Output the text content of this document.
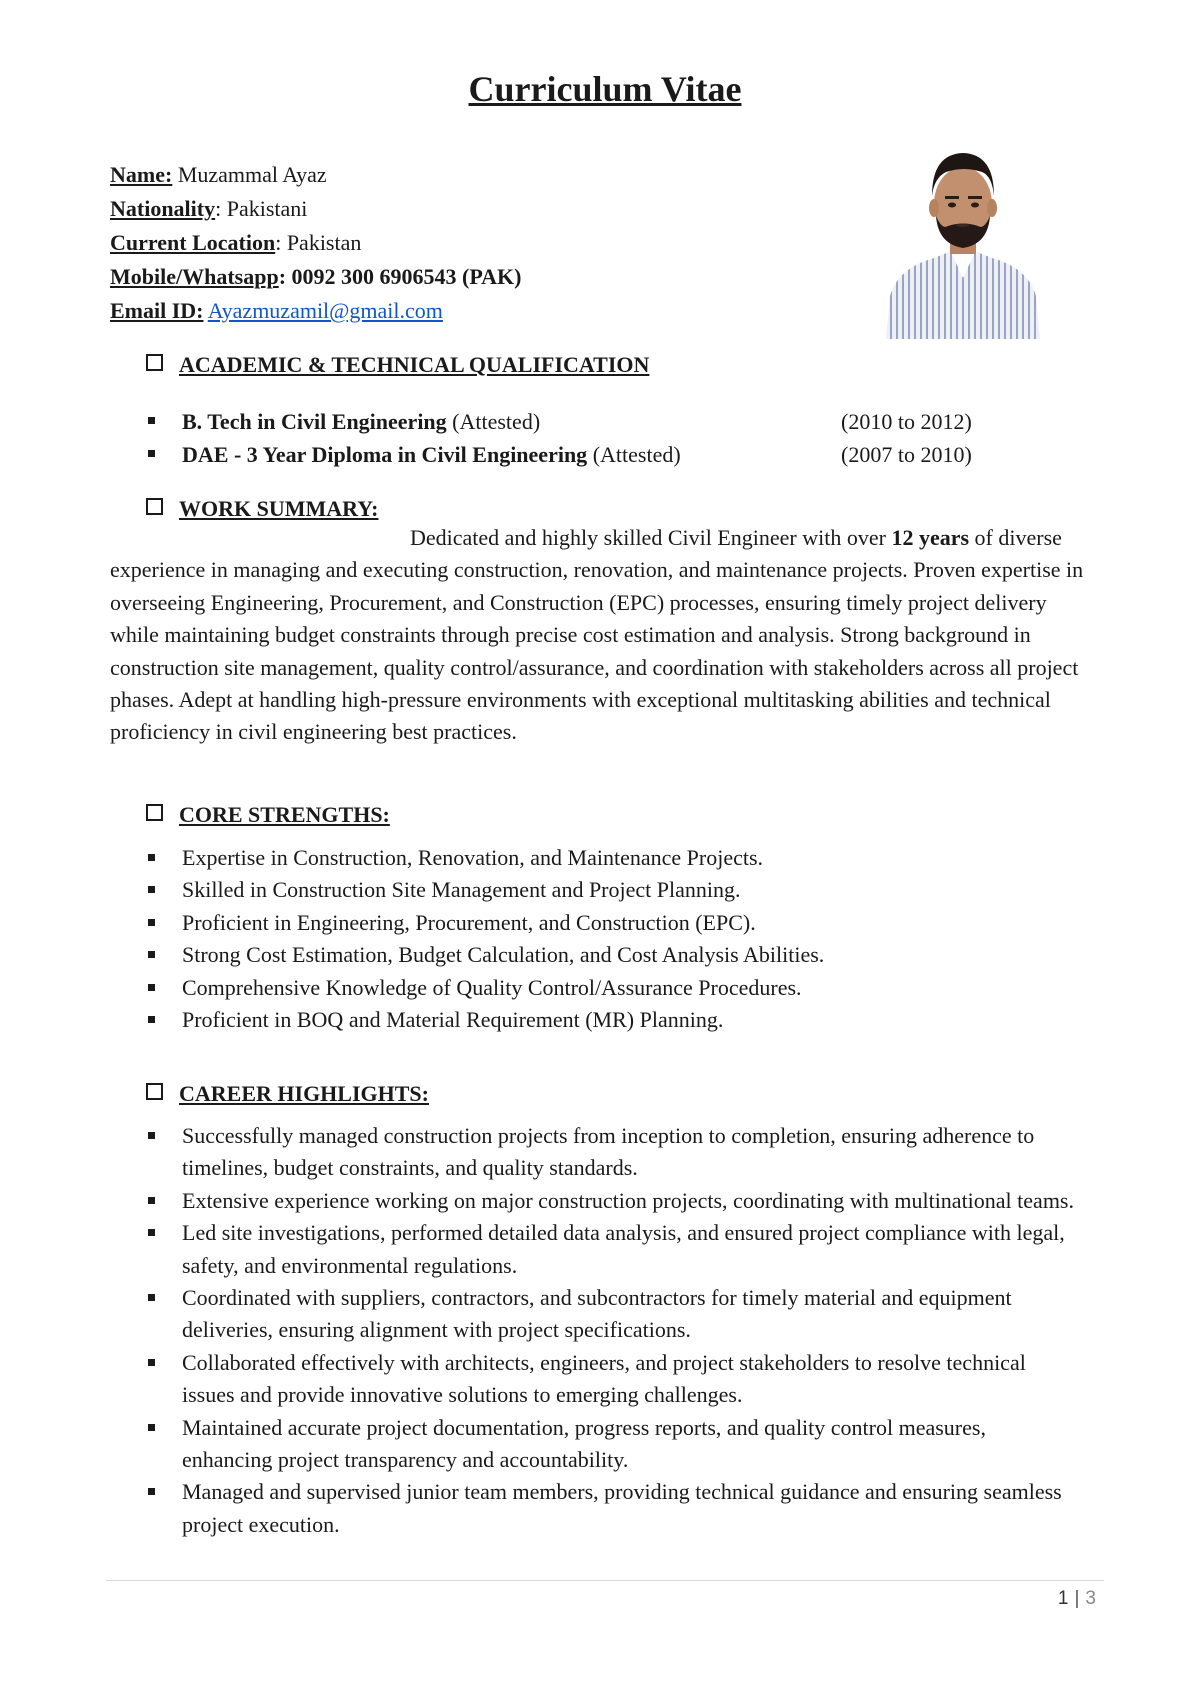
Curriculum Vitae
Name: Muzammal Ayaz
Nationality: Pakistani
Current Location: Pakistan
Mobile/Whatsapp: 0092 300 6906543 (PAK)
Email ID: Ayazmuzamil@gmail.com
ACADEMIC & TECHNICAL QUALIFICATION
B. Tech in Civil Engineering (Attested)	(2010 to 2012)
DAE - 3 Year Diploma in Civil Engineering (Attested)	(2007 to 2010)
WORK SUMMARY:
Dedicated and highly skilled Civil Engineer with over 12 years of diverse experience in managing and executing construction, renovation, and maintenance projects. Proven expertise in overseeing Engineering, Procurement, and Construction (EPC) processes, ensuring timely project delivery while maintaining budget constraints through precise cost estimation and analysis. Strong background in construction site management, quality control/assurance, and coordination with stakeholders across all project phases. Adept at handling high-pressure environments with exceptional multitasking abilities and technical proficiency in civil engineering best practices.
CORE STRENGTHS:
Expertise in Construction, Renovation, and Maintenance Projects.
Skilled in Construction Site Management and Project Planning.
Proficient in Engineering, Procurement, and Construction (EPC).
Strong Cost Estimation, Budget Calculation, and Cost Analysis Abilities.
Comprehensive Knowledge of Quality Control/Assurance Procedures.
Proficient in BOQ and Material Requirement (MR) Planning.
CAREER HIGHLIGHTS:
Successfully managed construction projects from inception to completion, ensuring adherence to timelines, budget constraints, and quality standards.
Extensive experience working on major construction projects, coordinating with multinational teams.
Led site investigations, performed detailed data analysis, and ensured project compliance with legal, safety, and environmental regulations.
Coordinated with suppliers, contractors, and subcontractors for timely material and equipment deliveries, ensuring alignment with project specifications.
Collaborated effectively with architects, engineers, and project stakeholders to resolve technical issues and provide innovative solutions to emerging challenges.
Maintained accurate project documentation, progress reports, and quality control measures, enhancing project transparency and accountability.
Managed and supervised junior team members, providing technical guidance and ensuring seamless project execution.
1 | 3
